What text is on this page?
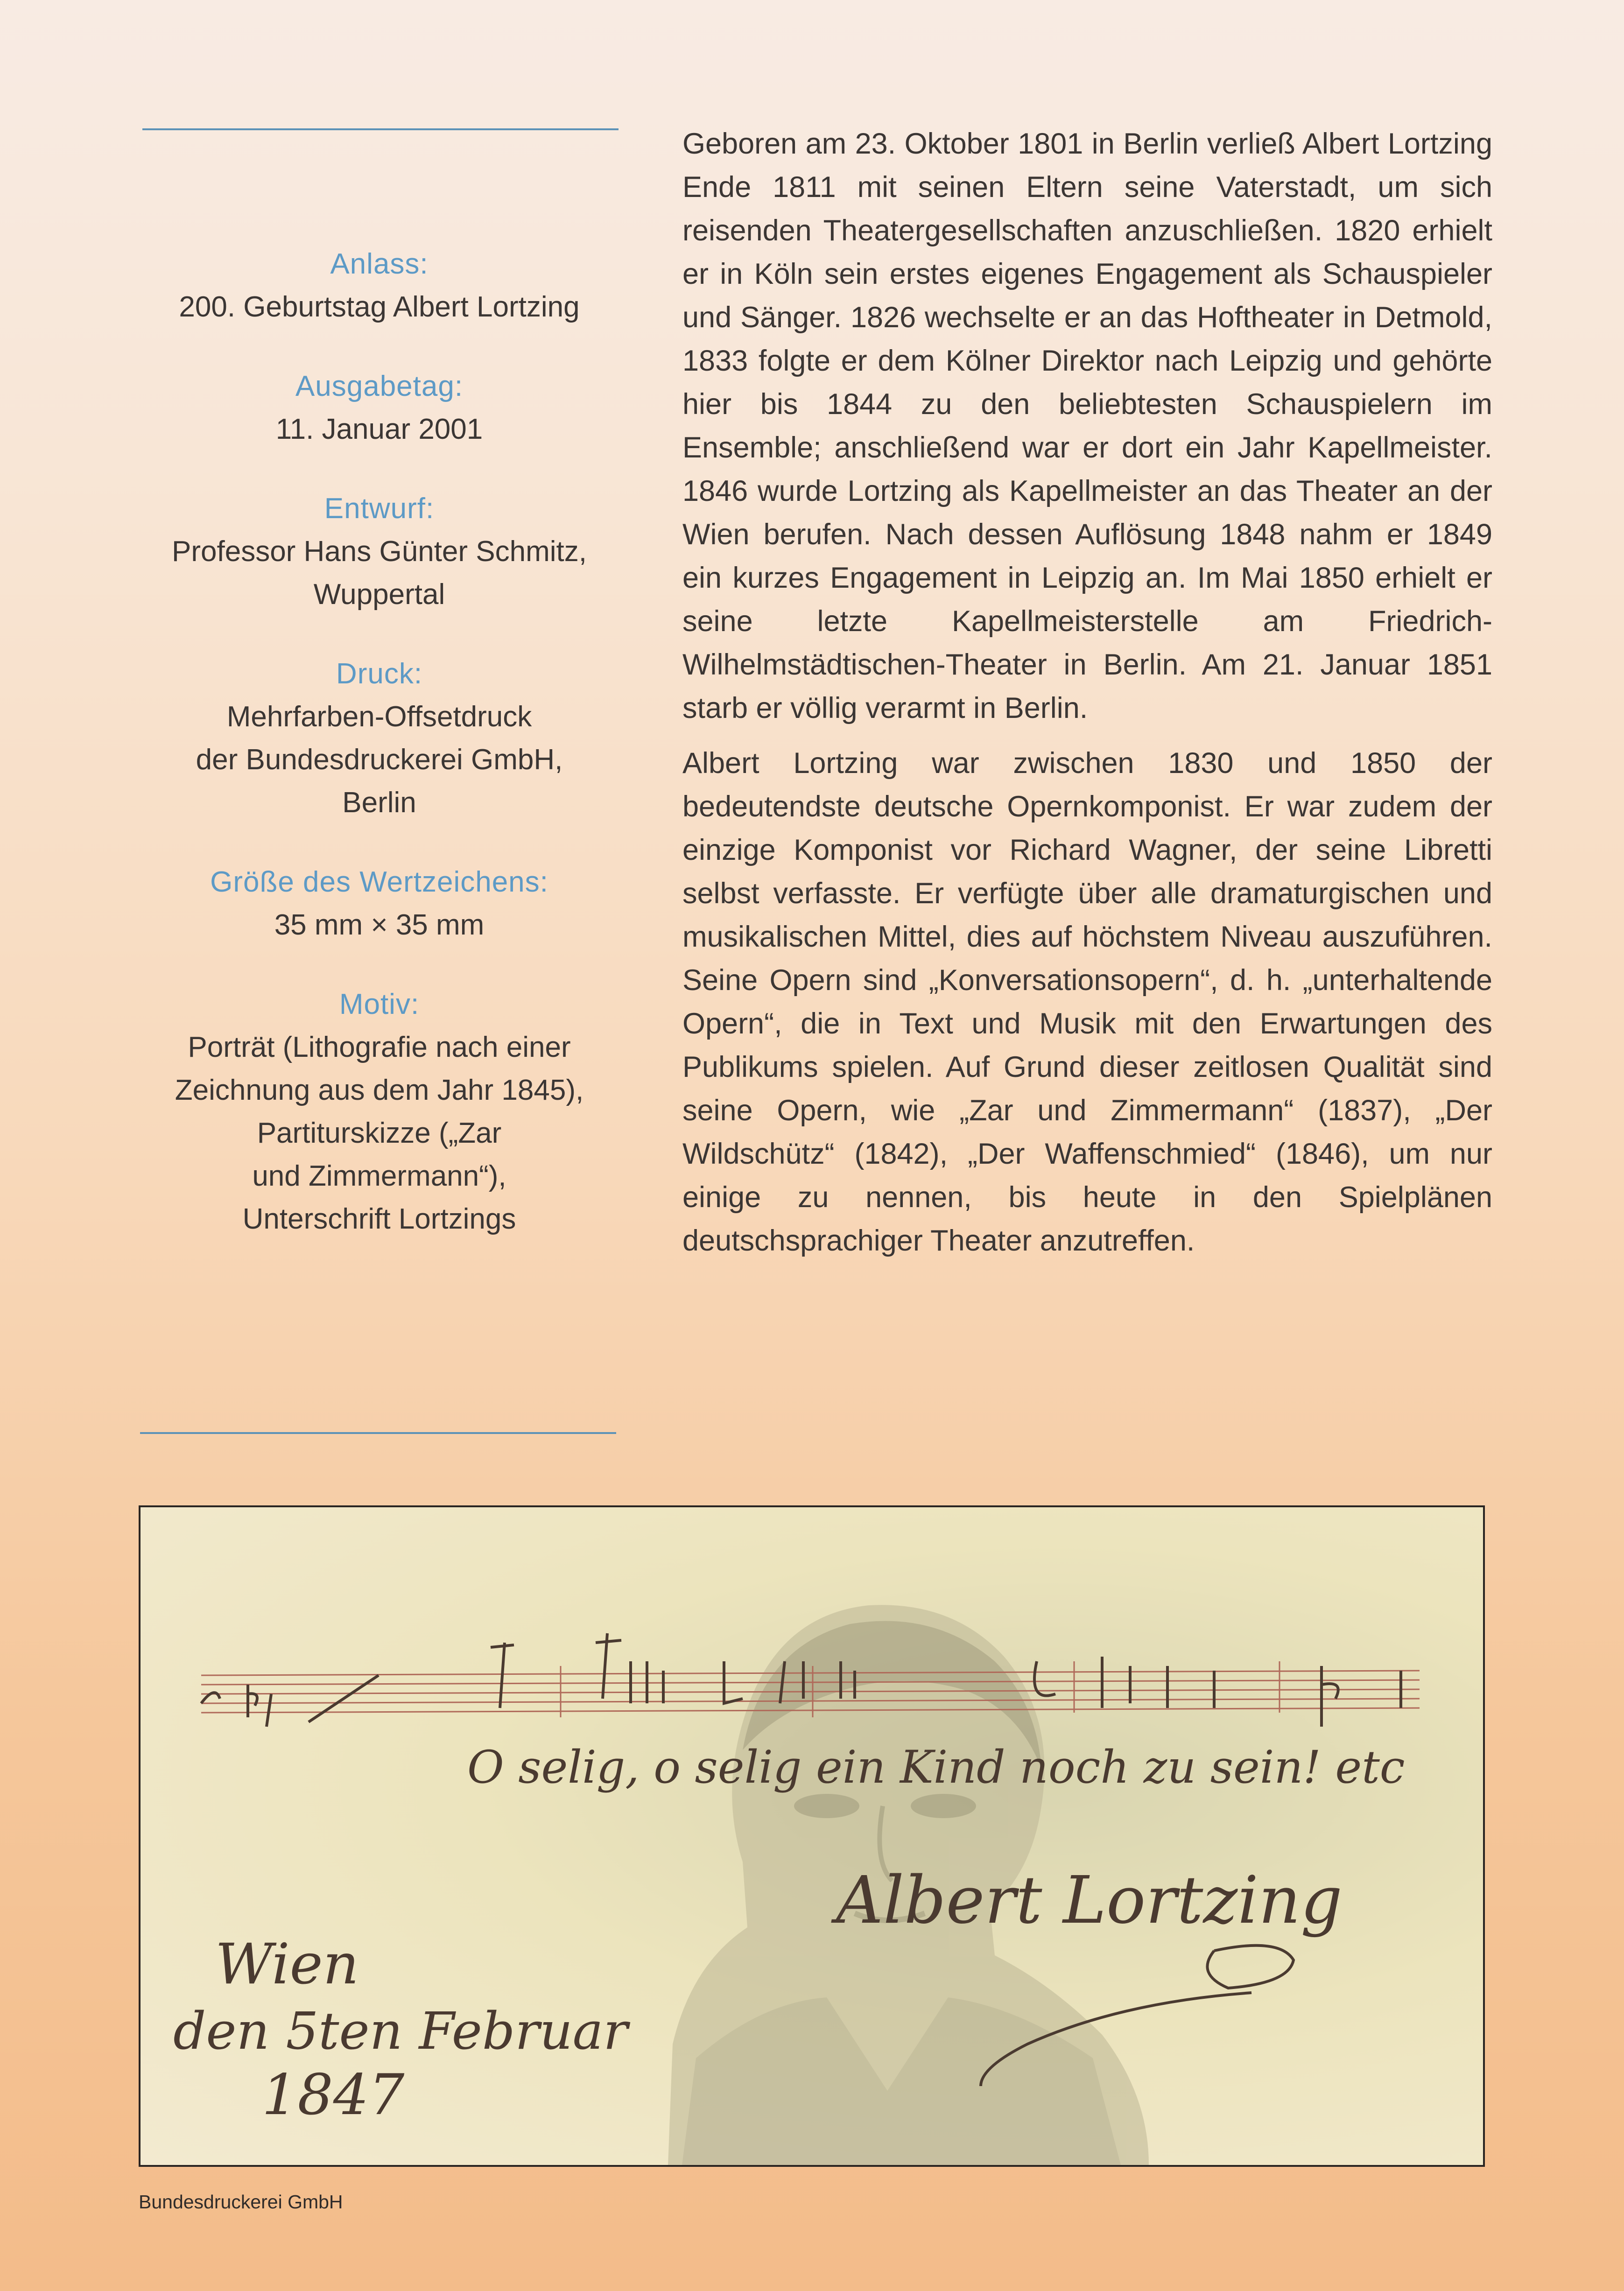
Anlass:
200. Geburtstag Albert Lortzing
Ausgabetag:
11. Januar 2001
Entwurf:
Professor Hans Günter Schmitz,
Wuppertal
Druck:
Mehrfarben-Offsetdruck
der Bundesdruckerei GmbH,
Berlin
Größe des Wertzeichens:
35 mm × 35 mm
Motiv:
Porträt (Lithografie nach einer
Zeichnung aus dem Jahr 1845),
Partiturskizze („Zar
und Zimmermann“),
Unterschrift Lortzings

Geboren am 23. Oktober 1801 in Berlin verließ Albert Lortzing Ende 1811 mit seinen Eltern seine Vaterstadt, um sich reisenden Theatergesellschaften anzuschließen. 1820 erhielt er in Köln sein erstes eigenes Engagement als Schauspieler und Sänger. 1826 wechselte er an das Hoftheater in Detmold, 1833 folgte er dem Kölner Direktor nach Leipzig und gehörte hier bis 1844 zu den beliebtesten Schauspielern im Ensemble; anschließend war er dort ein Jahr Kapellmeister. 1846 wurde Lortzing als Kapellmeister an das Theater an der Wien berufen. Nach dessen Auflösung 1848 nahm er 1849 ein kurzes Engagement in Leipzig an. Im Mai 1850 erhielt er seine letzte Kapellmeisterstelle am Friedrich-Wilhelmstädtischen-Theater in Berlin. Am 21. Januar 1851 starb er völlig verarmt in Berlin.

Albert Lortzing war zwischen 1830 und 1850 der bedeutendste deutsche Opernkomponist. Er war zudem der einzige Komponist vor Richard Wagner, der seine Libretti selbst verfasste. Er verfügte über alle dramaturgischen und musikalischen Mittel, dies auf höchstem Niveau auszuführen. Seine Opern sind „Konversationsopern“, d. h. „unterhaltende Opern“, die in Text und Musik mit den Erwartungen des Publikums spielen. Auf Grund dieser zeitlosen Qualität sind seine Opern, wie „Zar und Zimmermann“ (1837), „Der Wildschütz“ (1842), „Der Waffenschmied“ (1846), um nur einige zu nennen, bis heute in den Spielplänen deutschsprachiger Theater anzutreffen.

O selig, o selig ein Kind noch zu sein! etc
Albert Lortzing
Wien
den 5ten Februar
1847
Bundesdruckerei GmbH
